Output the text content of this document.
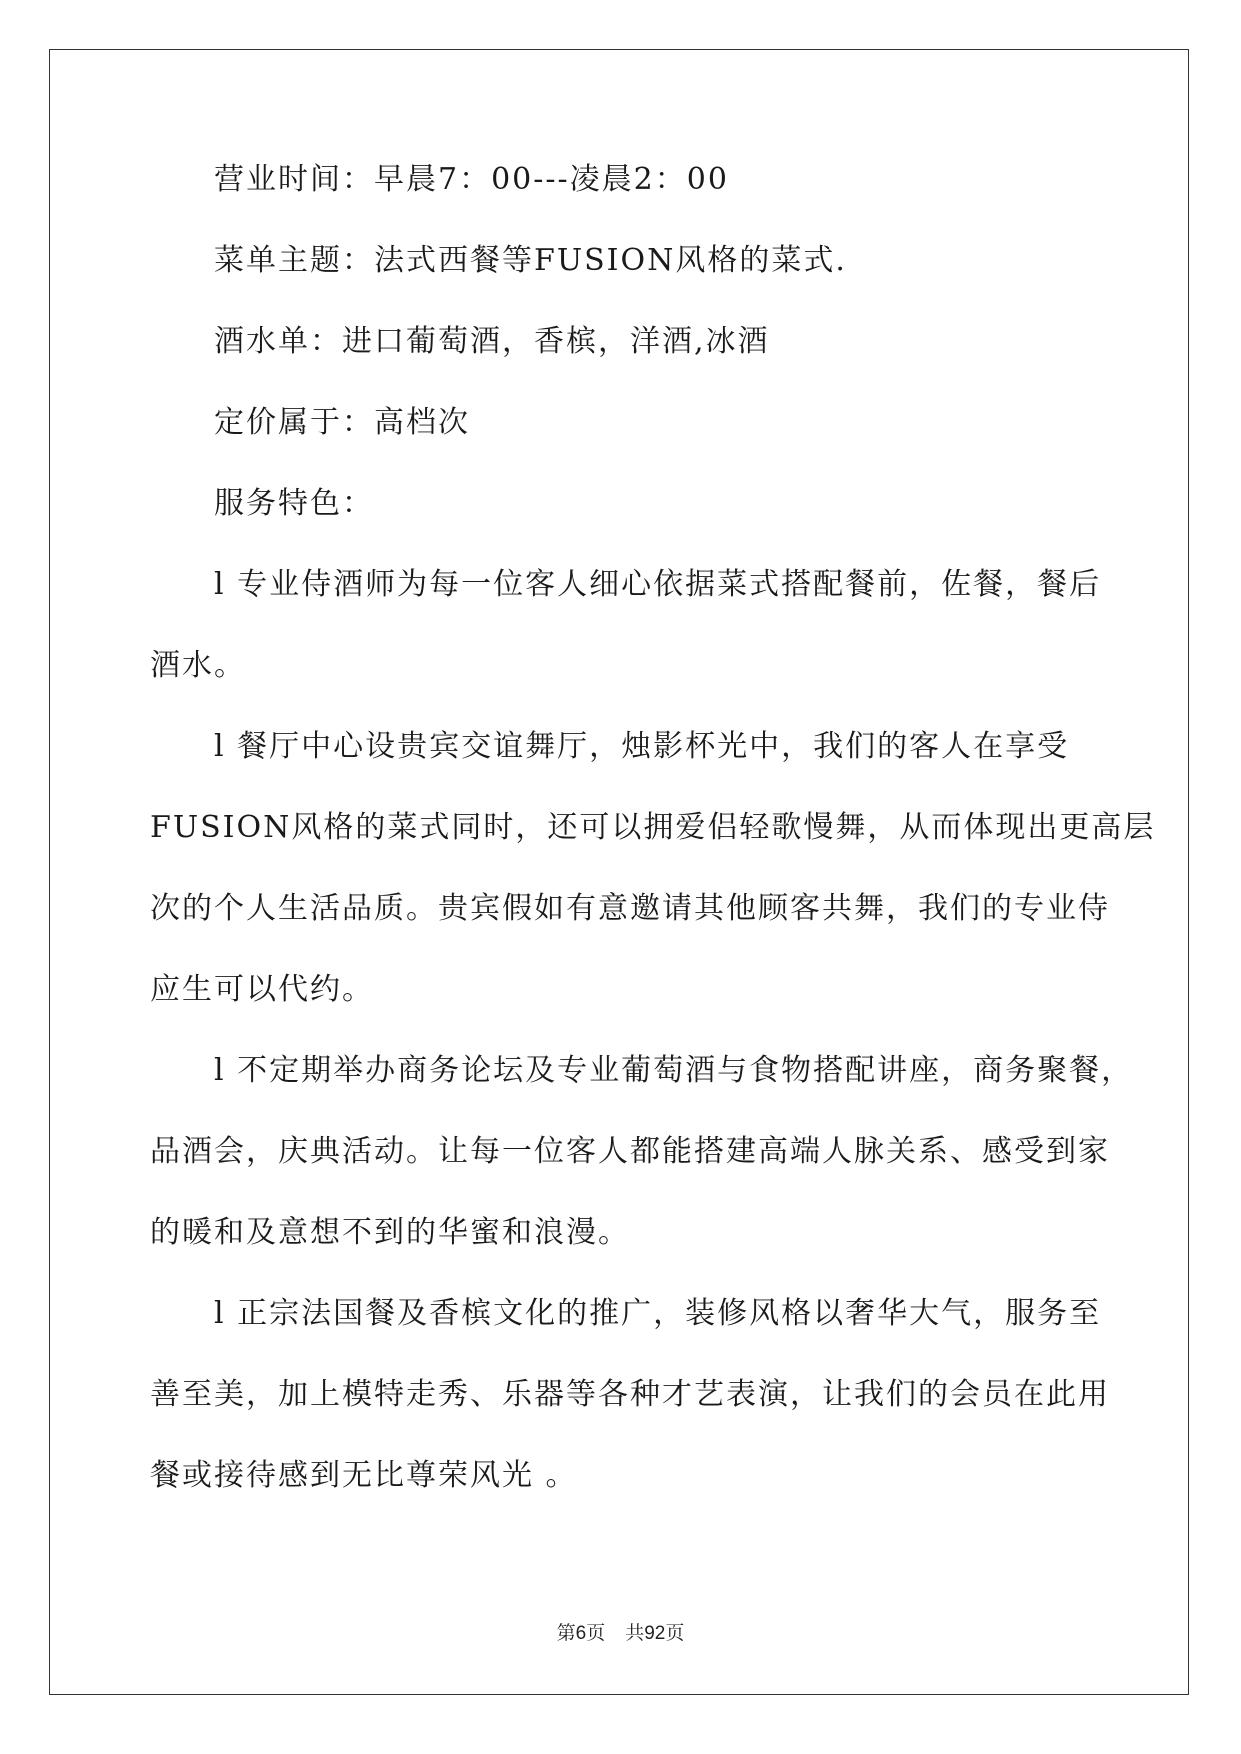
营业时间：早晨7：00---凌晨2：00
菜单主题：法式西餐等FUSION风格的菜式.
酒水单：进口葡萄酒，香槟，洋酒,冰酒
定价属于：高档次
服务特色：
l 专业侍酒师为每一位客人细心依据菜式搭配餐前，佐餐，餐后
酒水。
l 餐厅中心设贵宾交谊舞厅，烛影杯光中，我们的客人在享受
FUSION风格的菜式同时，还可以拥爱侣轻歌慢舞，从而体现出更高层
次的个人生活品质。贵宾假如有意邀请其他顾客共舞，我们的专业侍
应生可以代约。
l 不定期举办商务论坛及专业葡萄酒与食物搭配讲座，商务聚餐，
品酒会，庆典活动。让每一位客人都能搭建高端人脉关系、感受到家
的暖和及意想不到的华蜜和浪漫。
l 正宗法国餐及香槟文化的推广，装修风格以奢华大气，服务至
善至美，加上模特走秀、乐器等各种才艺表演，让我们的会员在此用
餐或接待感到无比尊荣风光 。
第6页 共92页
